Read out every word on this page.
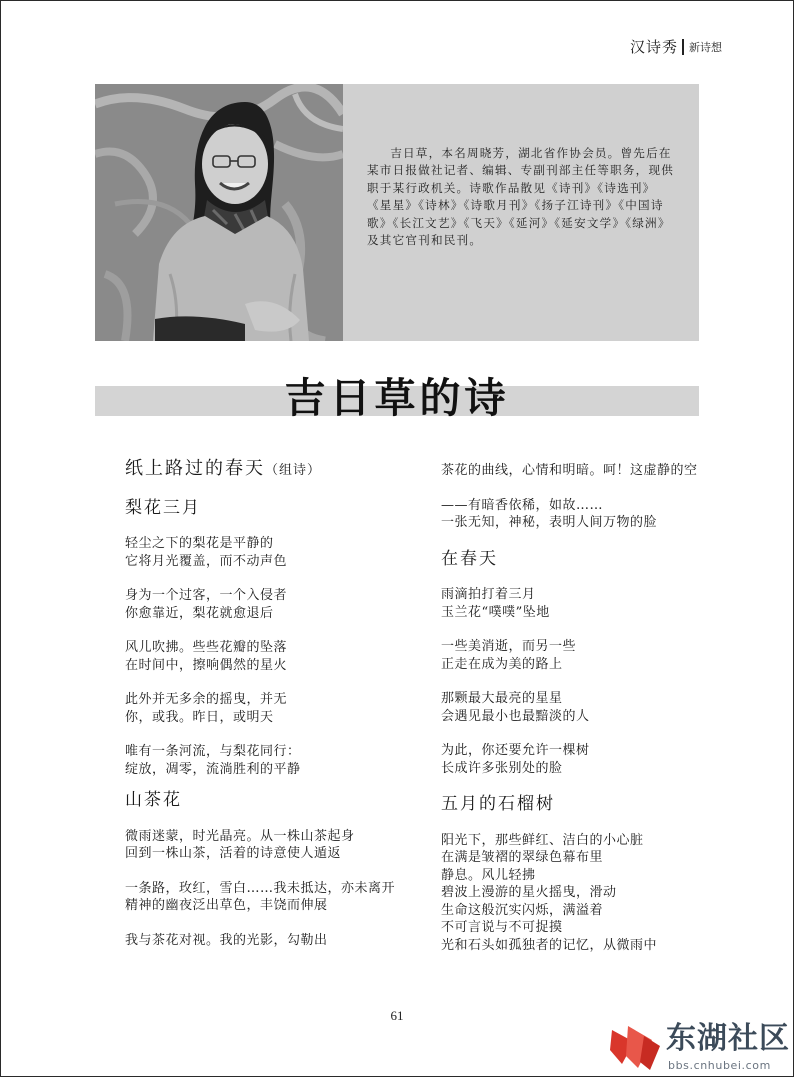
汉诗秀 新诗想

吉日草，本名周晓芳，湖北省作协会员。曾先后在某市日报做社记者、编辑、专副刊部主任等职务，现供职于某行政机关。诗歌作品散见《诗刊》《诗选刊》《星星》《诗林》《诗歌月刊》《扬子江诗刊》《中国诗歌》《长江文艺》《飞天》《延河》《延安文学》《绿洲》及其它官刊和民刊。

吉日草的诗
纸上路过的春天（组诗）
梨花三月
轻尘之下的梨花是平静的
它将月光覆盖，而不动声色
身为一个过客，一个入侵者
你愈靠近，梨花就愈退后
风儿吹拂。些些花瓣的坠落
在时间中，擦响偶然的星火
此外并无多余的摇曳，并无
你，或我。昨日，或明天
唯有一条河流，与梨花同行：
绽放，凋零，流淌胜利的平静
山茶花
微雨迷蒙，时光晶亮。从一株山茶起身
回到一株山茶，活着的诗意使人遁返
一条路，玫红，雪白……我未抵达，亦未离开
精神的幽夜泛出草色，丰饶而伸展
我与茶花对视。我的光影，勾勒出
茶花的曲线，心情和明暗。呵！这虚静的空
——有暗香依稀，如故……
一张无知，神秘，表明人间万物的脸
在春天
雨滴拍打着三月
玉兰花“噗噗”坠地
一些美消逝，而另一些
正走在成为美的路上
那颗最大最亮的星星
会遇见最小也最黯淡的人
为此，你还要允许一棵树
长成许多张别处的脸
五月的石榴树
阳光下，那些鲜红、洁白的小心脏
在满是皱褶的翠绿色幕布里
静息。风儿轻拂
碧波上漫游的星火摇曳，滑动
生命这般沉实闪烁，满溢着
不可言说与不可捉摸
光和石头如孤独者的记忆，从微雨中
61
东湖社区
bbs.cnhubei.com
